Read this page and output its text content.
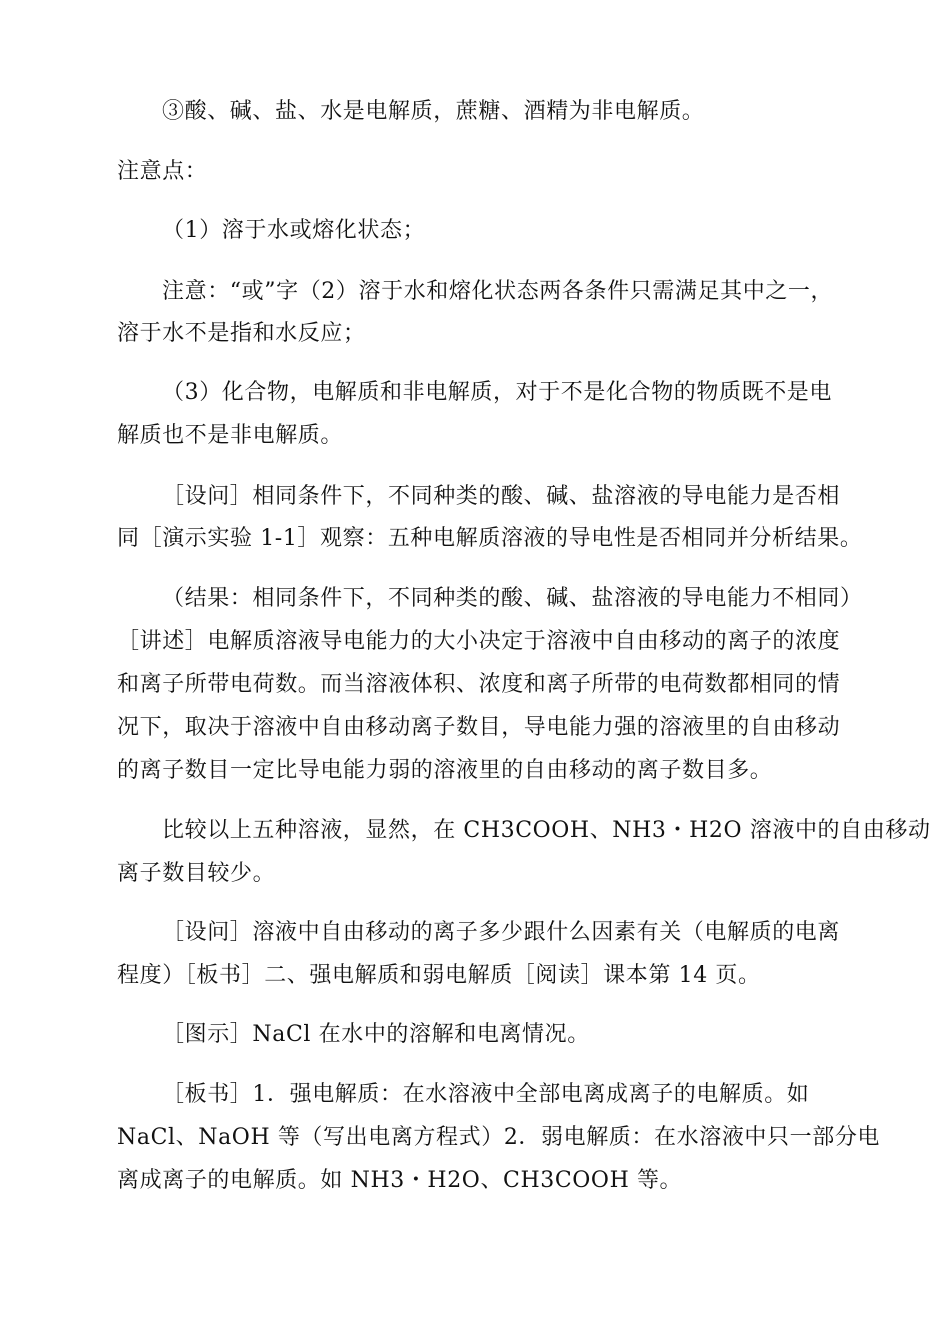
③酸、碱、盐、水是电解质，蔗糖、酒精为非电解质。
注意点：
（1）溶于水或熔化状态；
注意：“或”字（2）溶于水和熔化状态两各条件只需满足其中之一，
溶于水不是指和水反应；
（3）化合物，电解质和非电解质，对于不是化合物的物质既不是电
解质也不是非电解质。
［设问］相同条件下，不同种类的酸、碱、盐溶液的导电能力是否相
同［演示实验 1-1］观察：五种电解质溶液的导电性是否相同并分析结果。
（结果：相同条件下，不同种类的酸、碱、盐溶液的导电能力不相同）
［讲述］电解质溶液导电能力的大小决定于溶液中自由移动的离子的浓度
和离子所带电荷数。而当溶液体积、浓度和离子所带的电荷数都相同的情
况下，取决于溶液中自由移动离子数目，导电能力强的溶液里的自由移动
的离子数目一定比导电能力弱的溶液里的自由移动的离子数目多。
比较以上五种溶液，显然，在 CH3COOH、NH3・H2O 溶液中的自由移动
离子数目较少。
［设问］溶液中自由移动的离子多少跟什么因素有关（电解质的电离
程度）［板书］二、强电解质和弱电解质［阅读］课本第 14 页。
［图示］NaCl 在水中的溶解和电离情况。
［板书］1．强电解质：在水溶液中全部电离成离子的电解质。如
NaCl、NaOH 等（写出电离方程式）2．弱电解质：在水溶液中只一部分电
离成离子的电解质。如 NH3・H2O、CH3COOH 等。
